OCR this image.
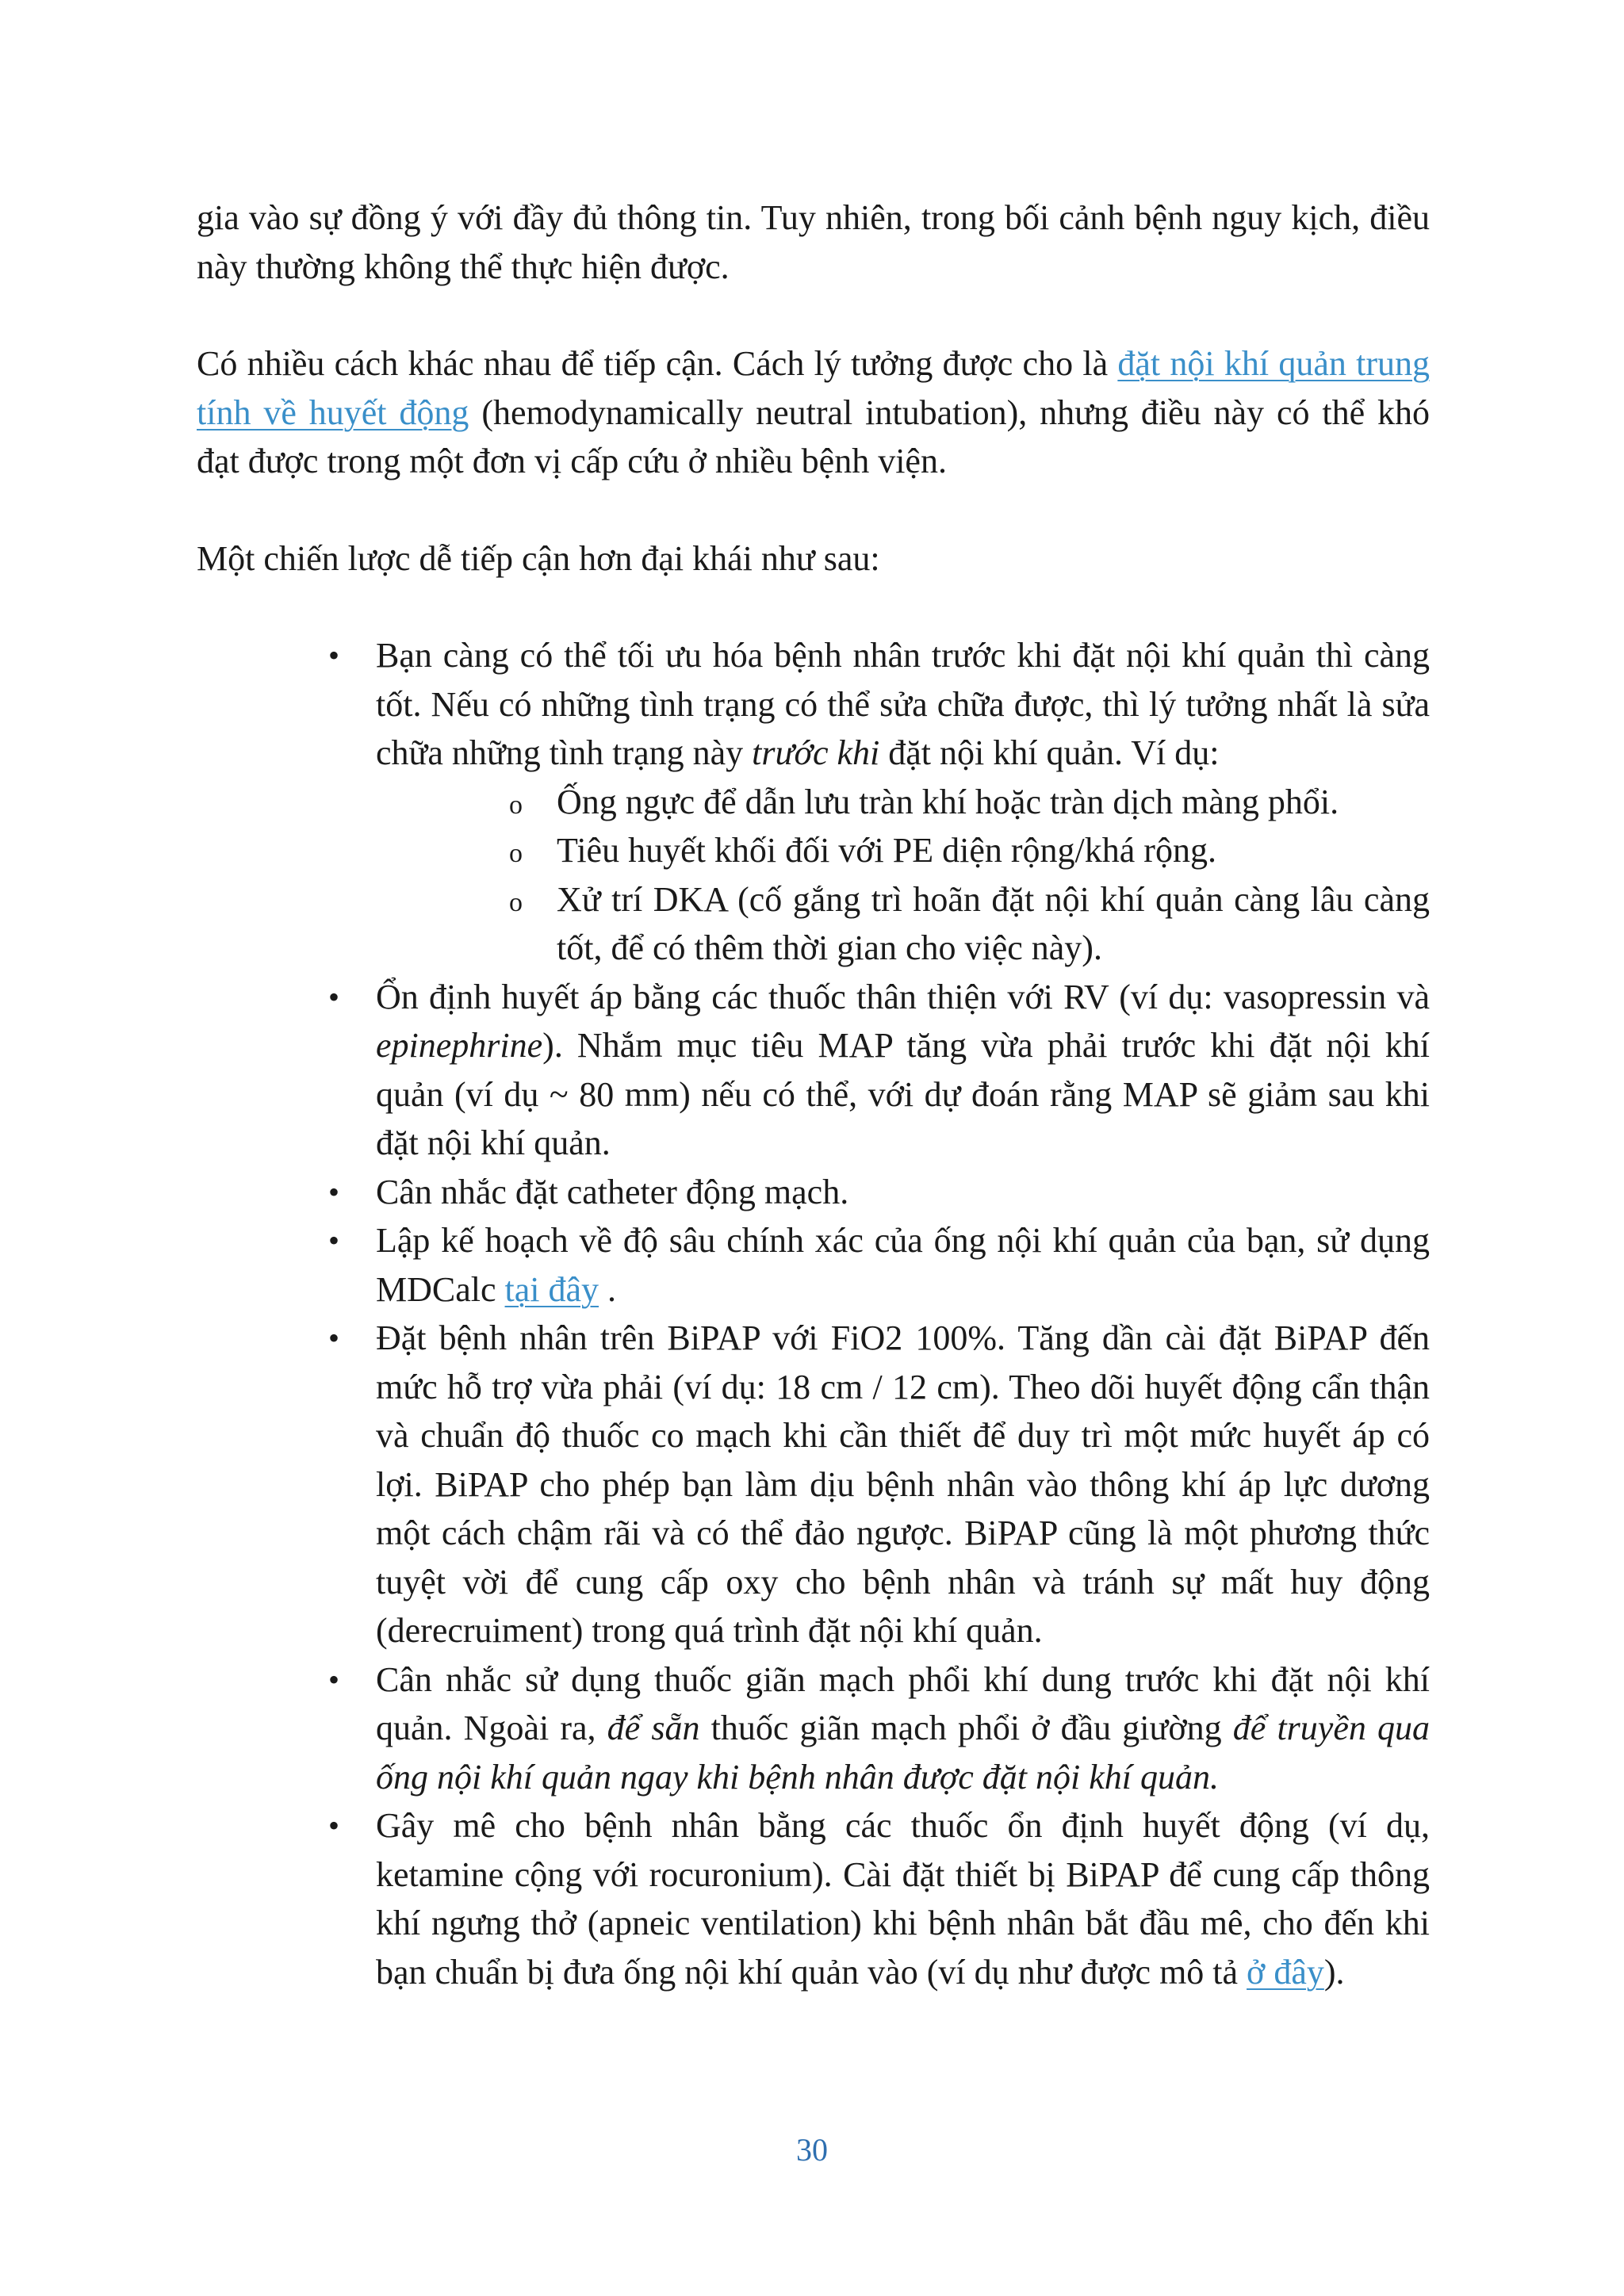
gia vào sự đồng ý với đầy đủ thông tin. Tuy nhiên, trong bối cảnh bệnh nguy kịch, điều này thường không thể thực hiện được.

Có nhiều cách khác nhau để tiếp cận. Cách lý tưởng được cho là đặt nội khí quản trung tính về huyết động (hemodynamically neutral intubation), nhưng điều này có thể khó đạt được trong một đơn vị cấp cứu ở nhiều bệnh viện.

Một chiến lược dễ tiếp cận hơn đại khái như sau:

• Bạn càng có thể tối ưu hóa bệnh nhân trước khi đặt nội khí quản thì càng tốt. Nếu có những tình trạng có thể sửa chữa được, thì lý tưởng nhất là sửa chữa những tình trạng này trước khi đặt nội khí quản. Ví dụ:
o Ống ngực để dẫn lưu tràn khí hoặc tràn dịch màng phổi.
o Tiêu huyết khối đối với PE diện rộng/khá rộng.
o Xử trí DKA (cố gắng trì hoãn đặt nội khí quản càng lâu càng tốt, để có thêm thời gian cho việc này).
• Ổn định huyết áp bằng các thuốc thân thiện với RV (ví dụ: vasopressin và epinephrine). Nhắm mục tiêu MAP tăng vừa phải trước khi đặt nội khí quản (ví dụ ~ 80 mm) nếu có thể, với dự đoán rằng MAP sẽ giảm sau khi đặt nội khí quản.
• Cân nhắc đặt catheter động mạch.
• Lập kế hoạch về độ sâu chính xác của ống nội khí quản của bạn, sử dụng MDCalc tại đây .
• Đặt bệnh nhân trên BiPAP với FiO2 100%. Tăng dần cài đặt BiPAP đến mức hỗ trợ vừa phải (ví dụ: 18 cm / 12 cm). Theo dõi huyết động cẩn thận và chuẩn độ thuốc co mạch khi cần thiết để duy trì một mức huyết áp có lợi. BiPAP cho phép bạn làm dịu bệnh nhân vào thông khí áp lực dương một cách chậm rãi và có thể đảo ngược. BiPAP cũng là một phương thức tuyệt vời để cung cấp oxy cho bệnh nhân và tránh sự mất huy động (derecruiment) trong quá trình đặt nội khí quản.
• Cân nhắc sử dụng thuốc giãn mạch phổi khí dung trước khi đặt nội khí quản. Ngoài ra, để sẵn thuốc giãn mạch phổi ở đầu giường để truyền qua ống nội khí quản ngay khi bệnh nhân được đặt nội khí quản.
• Gây mê cho bệnh nhân bằng các thuốc ổn định huyết động (ví dụ, ketamine cộng với rocuronium). Cài đặt thiết bị BiPAP để cung cấp thông khí ngưng thở (apneic ventilation) khi bệnh nhân bắt đầu mê, cho đến khi bạn chuẩn bị đưa ống nội khí quản vào (ví dụ như được mô tả ở đây).
30
